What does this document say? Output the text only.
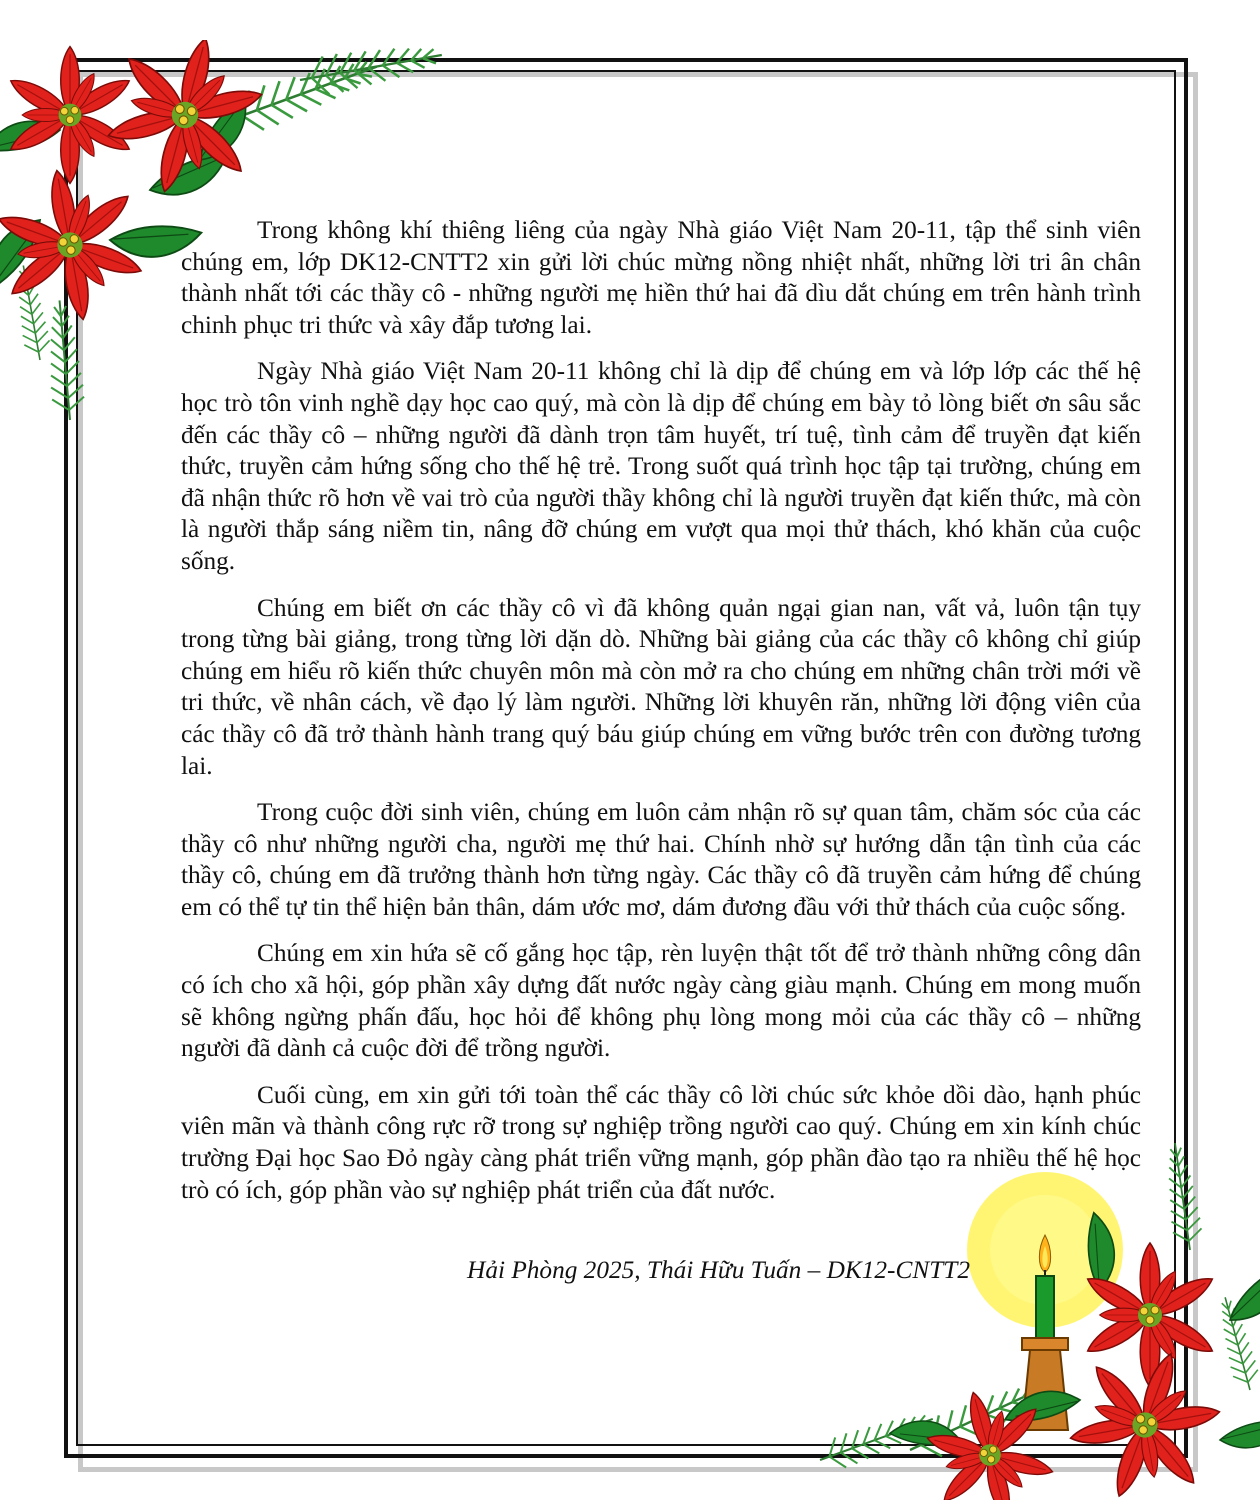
Trong không khí thiêng liêng của ngày Nhà giáo Việt Nam 20-11, tập thể sinh viên chúng em, lớp DK12-CNTT2 xin gửi lời chúc mừng nồng nhiệt nhất, những lời tri ân chân thành nhất tới các thầy cô - những người mẹ hiền thứ hai đã dìu dắt chúng em trên hành trình chinh phục tri thức và xây đắp tương lai.

Ngày Nhà giáo Việt Nam 20-11 không chỉ là dịp để chúng em và lớp lớp các thế hệ học trò tôn vinh nghề dạy học cao quý, mà còn là dịp để chúng em bày tỏ lòng biết ơn sâu sắc đến các thầy cô – những người đã dành trọn tâm huyết, trí tuệ, tình cảm để truyền đạt kiến thức, truyền cảm hứng sống cho thế hệ trẻ. Trong suốt quá trình học tập tại trường, chúng em đã nhận thức rõ hơn về vai trò của người thầy không chỉ là người truyền đạt kiến thức, mà còn là người thắp sáng niềm tin, nâng đỡ chúng em vượt qua mọi thử thách, khó khăn của cuộc sống.

Chúng em biết ơn các thầy cô vì đã không quản ngại gian nan, vất vả, luôn tận tụy trong từng bài giảng, trong từng lời dặn dò. Những bài giảng của các thầy cô không chỉ giúp chúng em hiểu rõ kiến thức chuyên môn mà còn mở ra cho chúng em những chân trời mới về tri thức, về nhân cách, về đạo lý làm người. Những lời khuyên răn, những lời động viên của các thầy cô đã trở thành hành trang quý báu giúp chúng em vững bước trên con đường tương lai.

Trong cuộc đời sinh viên, chúng em luôn cảm nhận rõ sự quan tâm, chăm sóc của các thầy cô như những người cha, người mẹ thứ hai. Chính nhờ sự hướng dẫn tận tình của các thầy cô, chúng em đã trưởng thành hơn từng ngày. Các thầy cô đã truyền cảm hứng để chúng em có thể tự tin thể hiện bản thân, dám ước mơ, dám đương đầu với thử thách của cuộc sống.

Chúng em xin hứa sẽ cố gắng học tập, rèn luyện thật tốt để trở thành những công dân có ích cho xã hội, góp phần xây dựng đất nước ngày càng giàu mạnh. Chúng em mong muốn sẽ không ngừng phấn đấu, học hỏi để không phụ lòng mong mỏi của các thầy cô – những người đã dành cả cuộc đời để trồng người.

Cuối cùng, em xin gửi tới toàn thể các thầy cô lời chúc sức khỏe dồi dào, hạnh phúc viên mãn và thành công rực rỡ trong sự nghiệp trồng người cao quý. Chúng em xin kính chúc trường Đại học Sao Đỏ ngày càng phát triển vững mạnh, góp phần đào tạo ra nhiều thế hệ học trò có ích, góp phần vào sự nghiệp phát triển của đất nước.

Hải Phòng 2025, Thái Hữu Tuấn – DK12-CNTT2
